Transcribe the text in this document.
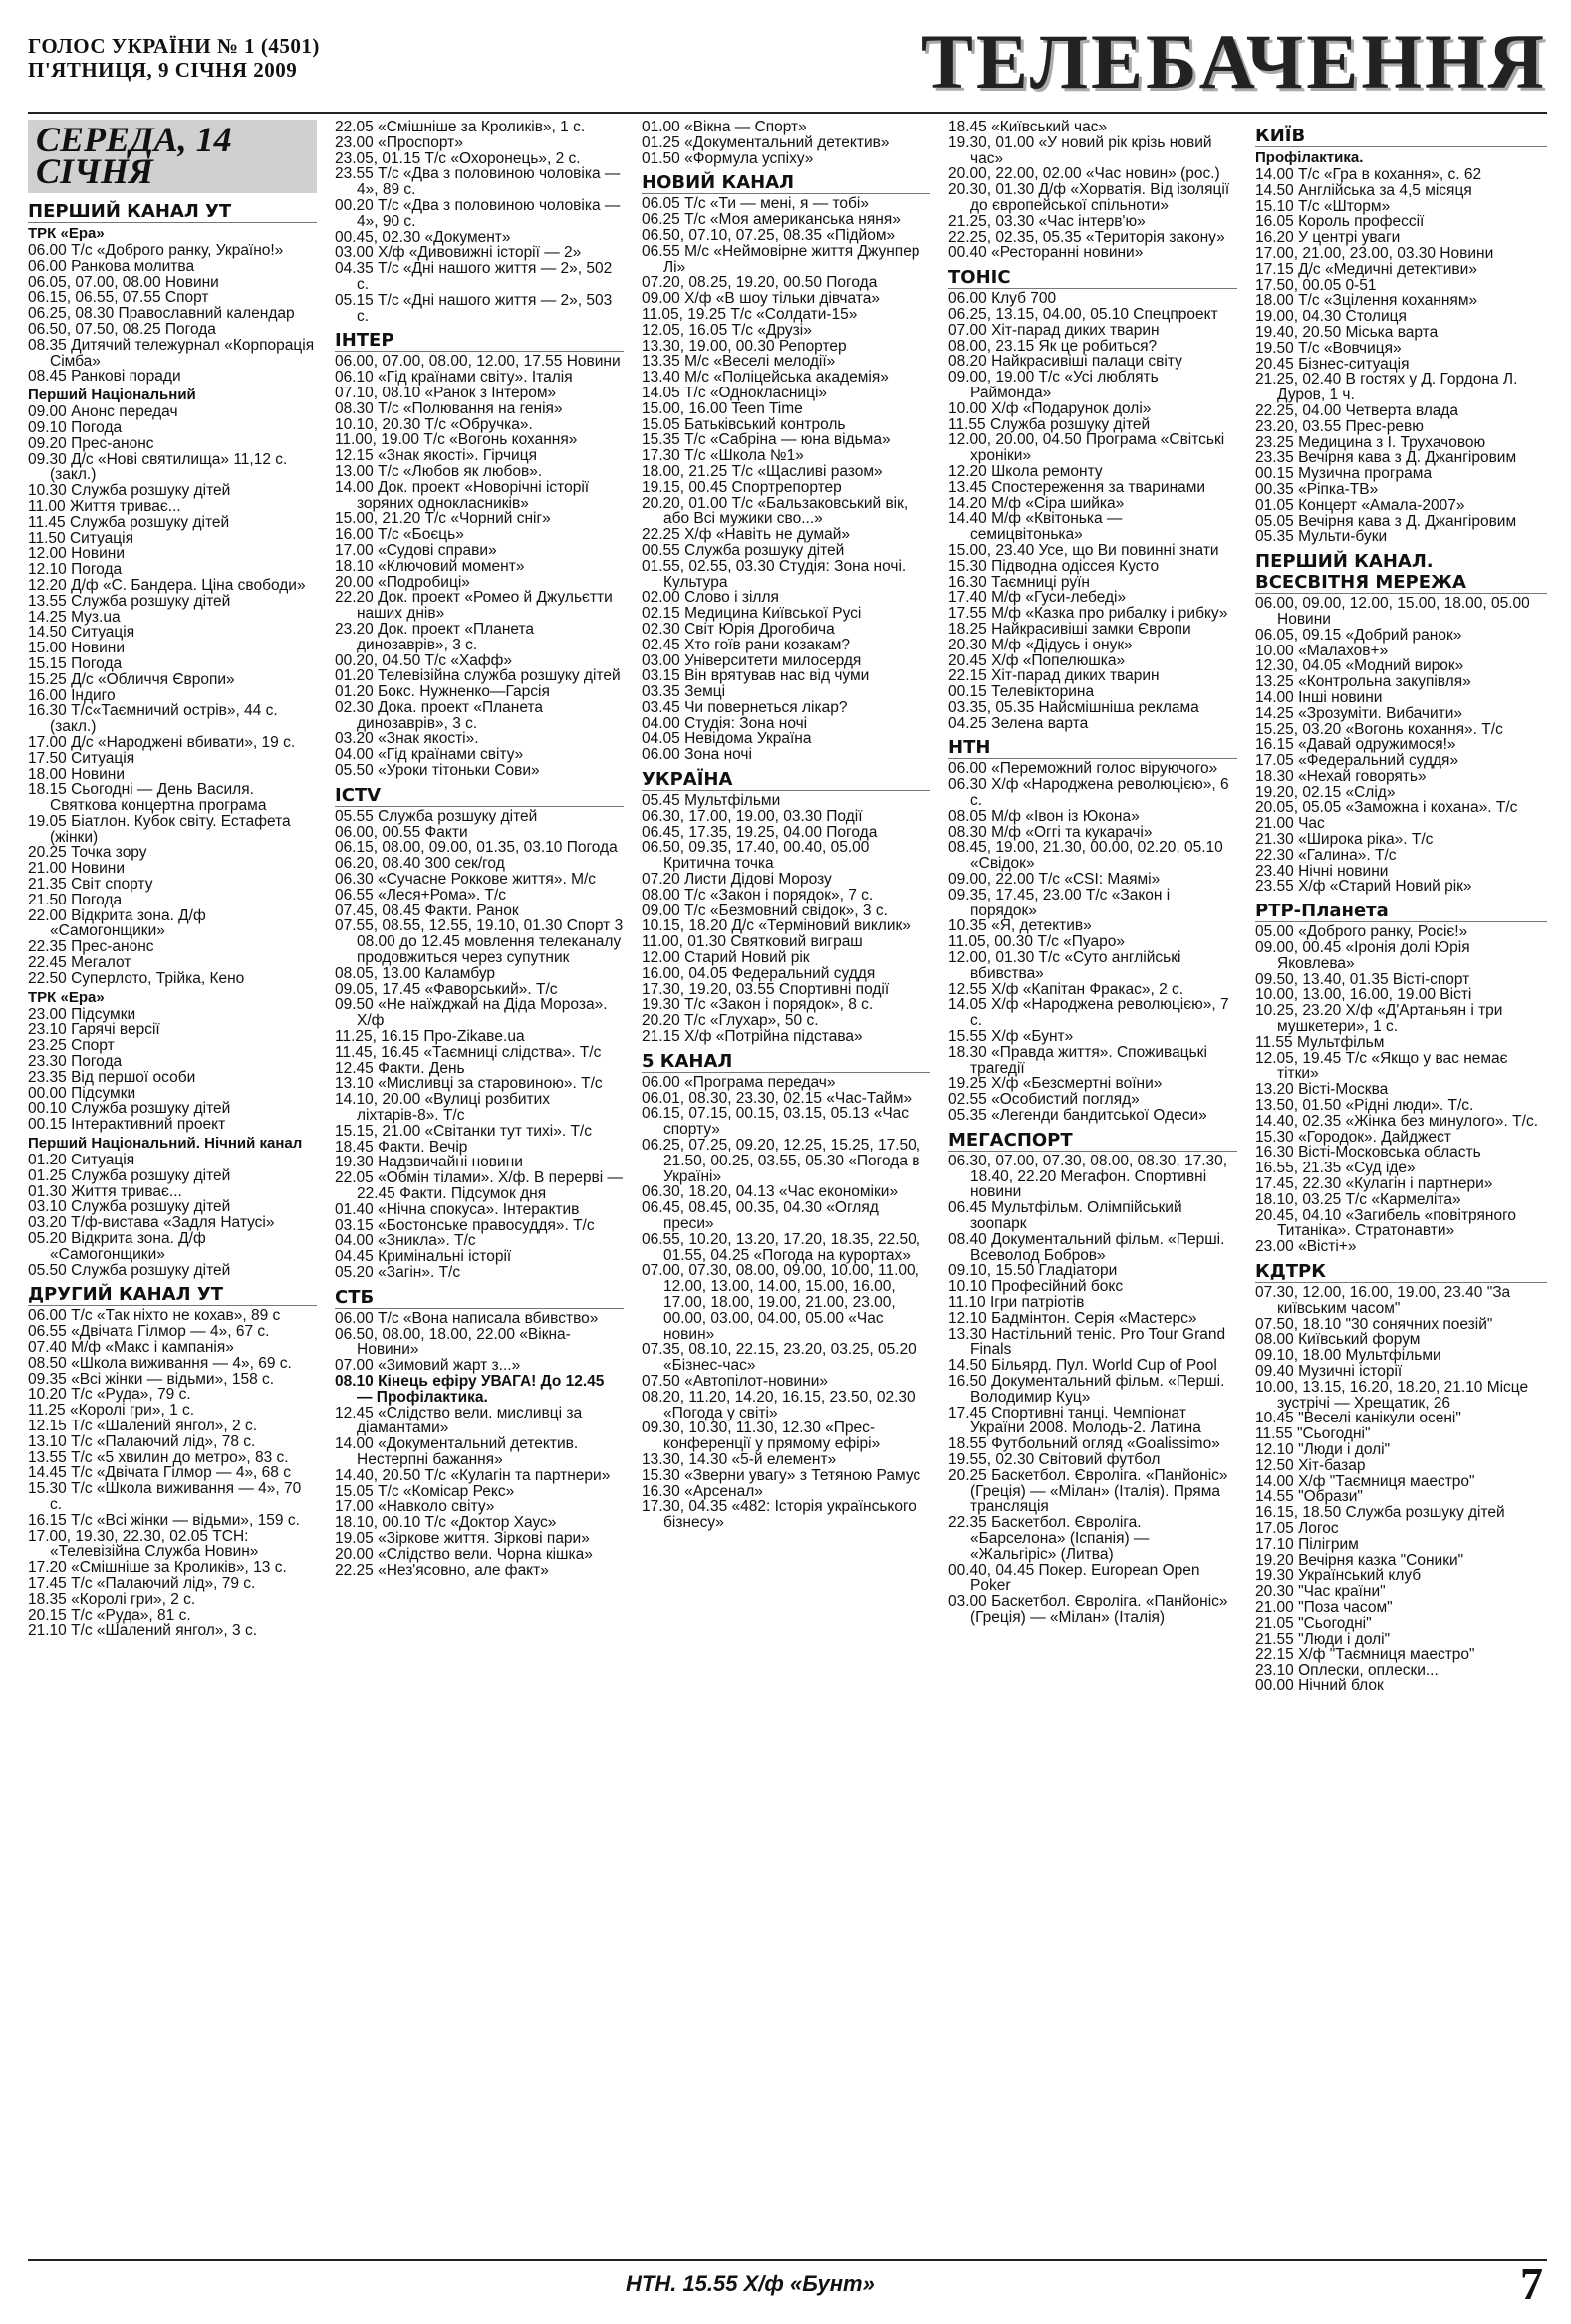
ГОЛОС УКРАЇНИ № 1 (4501)
П'ЯТНИЦЯ, 9 СІЧНЯ 2009	ТЕЛЕБАЧЕННЯ
СЕРЕДА, 14 СІЧНЯ
ПЕРШИЙ КАНАЛ УТ
ТРК «Ера»
06.00 Т/с «Доброго ранку, Україно!»
06.00 Ранкова молитва
06.05, 07.00, 08.00 Новини
06.15, 06.55, 07.55 Спорт
06.25, 08.30 Православний календар
06.50, 07.50, 08.25 Погода
08.35 Дитячий тележурнал «Корпорація Сімба»
08.45 Ранкові поради
Перший Національний
09.00 Анонс передач
09.10 Погода
09.20 Прес-анонс
09.30 Д/с «Нові святилища» 11,12 с.(закл.)
10.30 Служба розшуку дітей
11.00 Життя триває...
11.45 Служба розшуку дітей
11.50 Ситуація
12.00 Новини
12.10 Погода
12.20 Д/ф «С. Бандера. Ціна свободи»
13.55 Служба розшуку дітей
14.25 Муз.ua
14.50 Ситуація
15.00 Новини
15.15 Погода
15.25 Д/с «Обличчя Європи»
16.00 Індиго
16.30 Т/с«Таємничий острів», 44 с. (закл.)
17.00 Д/с «Народжені вбивати», 19 с.
17.50 Ситуація
18.00 Новини
18.15 Сьогодні — День Василя. Святкова концертна програма
19.05 Біатлон. Кубок світу. Естафета (жінки)
20.25 Точка зору
21.00 Новини
21.35 Світ спорту
21.50 Погода
22.00 Відкрита зона. Д/ф «Самогонщики»
22.35 Прес-анонс
22.45 Мегалот
22.50 Суперлото, Трійка, Кено
ТРК «Ера»
23.00 Підсумки
23.10 Гарячі версії
23.25 Спорт
23.30 Погода
23.35 Від першої особи
00.00 Підсумки
00.10 Служба розшуку дітей
00.15 Інтерактивний проект
Перший Національний. Нічний канал
01.20 Ситуація
01.25 Служба розшуку дітей
01.30 Життя триває...
03.10 Служба розшуку дітей
03.20 Т/ф-вистава «Задля Натусі»
05.20 Відкрита зона. Д/ф «Самогонщики»
05.50 Служба розшуку дітей
ДРУГИЙ КАНАЛ УТ
06.00 Т/с «Так ніхто не кохав», 89 с
06.55 «Двічата Гілмор — 4», 67 с.
07.40 М/ф «Макс і кампанія»
08.50 «Школа виживання — 4», 69 с.
09.35 «Всі жінки — відьми», 158 с.
10.20 Т/с «Руда», 79 с.
11.25 «Королі гри», 1 с.
12.15 Т/с «Шалений янгол», 2 с.
13.10 Т/с «Палаючий лід», 78 с.
13.55 Т/с «5 хвилин до метро», 83 с.
14.45 Т/с «Двічата Гілмор — 4», 68 с
15.30 Т/с «Школа виживання — 4», 70 с.
16.15 Т/с «Всі жінки — відьми», 159 с.
17.00, 19.30, 22.30, 02.05 ТСН: «Телевізійна Служба Новин»
17.20 «Смішніше за Кроликів», 13 с.
17.45 Т/с «Палаючий лід», 79 с.
18.35 «Королі гри», 2 с.
20.15 Т/с «Руда», 81 с.
21.10 Т/с «Шалений янгол», 3 с.
22.05 «Смішніше за Кроликів», 1 с.
23.00 «Проспорт»
23.05, 01.15 Т/с «Охоронець», 2 с.
23.55 Т/с «Два з половиною чоловіка — 4», 89 с.
00.20 Т/с «Два з половиною чоловіка — 4», 90 с.
00.45, 02.30 «Документ»
03.00 Х/ф «Дивовижні історії — 2»
04.35 Т/с «Дні нашого життя — 2», 502 с.
05.15 Т/с «Дні нашого життя — 2», 503 с.
ІНТЕР
06.00, 07.00, 08.00, 12.00, 17.55 Новини
06.10 «Гід країнами світу». Італія
07.10, 08.10 «Ранок з Інтером»
08.30 Т/с «Полювання на генія»
10.10, 20.30 Т/с «Обручка».
11.00, 19.00 Т/с «Вогонь кохання»
12.15 «Знак якості». Гірчиця
13.00 Т/с «Любов як любов».
14.00 Док. проект «Новорічні історії зоряних однокласників»
15.00, 21.20 Т/с «Чорний сніг»
16.00 Т/с «Боєць»
17.00 «Судові справи»
18.10 «Ключовий момент»
20.00 «Подробиці»
22.20 Док. проект «Ромео й Джульєтти наших днів»
23.20 Док. проект «Планета динозаврів», 3 с.
00.20, 04.50 Т/с «Хафф»
01.20 Телевізійна служба розшуку дітей
01.20 Бокс. Нужненко—Гарсія
02.30 Дока. проект «Планета динозаврів», 3 с.
03.20 «Знак якості».
04.00 «Гід країнами світу»
05.50 «Уроки тітоньки Сови»
ICTV
05.55 Служба розшуку дітей
06.00, 00.55 Факти
06.15, 08.00, 09.00, 01.35, 03.10 Погода
06.20, 08.40 300 сек/год
06.30 «Сучасне Роккове життя». М/с
06.55 «Леся+Рома». Т/с
07.45, 08.45 Факти. Ранок
07.55, 08.55, 12.55, 19.10, 01.30 Спорт 3 08.00 до 12.45 мовлення телеканалу продовжиться через супутник
08.05, 13.00 Каламбур
09.05, 17.45 «Фаворський». Т/с
09.50 «Не наїжджай на Діда Мороза». Х/ф
11.25, 16.15 Про-Zikaвe.ua
11.45, 16.45 «Таємниці слідства». Т/с
12.45 Факти. День
13.10 «Мисливці за старовиною». Т/с
14.10, 20.00 «Вулиці розбитих ліхтарів-8». Т/с
15.15, 21.00 «Світанки тут тихі». Т/с
18.45 Факти. Вечір
19.30 Надзвичайні новини
22.05 «Обмін тілами». Х/ф. В перерві — 22.45 Факти. Підсумок дня
01.40 «Нічна спокуса». Інтерактив
03.15 «Бостонське правосуддя». Т/с
04.00 «Зникла». Т/с
04.45 Кримінальні історії
05.20 «Загін». Т/с
СТБ
06.00 Т/с «Вона написала вбивство»
06.50, 08.00, 18.00, 22.00 «Вікна-Новини»
07.00 «Зимовий жарт з...»
08.10 Кінець ефіру УВАГА! До 12.45 — Профілактика.
12.45 «Слідство вели. мисливці за діамантами»
14.00 «Документальний детектив. Нестерпні бажання»
14.40, 20.50 Т/с «Кулагін та партнери»
15.05 Т/с «Комісар Рекс»
17.00 «Навколо світу»
18.10, 00.10 Т/с «Доктор Хаус»
19.05 «Зіркове життя. Зіркові пари»
20.00 «Слідство вели. Чорна кішка»
22.25 «Нез'ясовно, але факт»
01.00 «Вікна — Спорт»
01.25 «Документальний детектив»
01.50 «Формула успіху»
НОВИЙ КАНАЛ
06.05 Т/с «Ти — мені, я — тобі»
06.25 Т/с «Моя американська няня»
06.50, 07.10, 07.25, 08.35 «Підйом»
06.55 М/с «Неймовірне життя Джунпер Лі»
07.20, 08.25, 19.20, 00.50 Погода
09.00 Х/ф «В шоу тільки дівчата»
11.05, 19.25 Т/с «Солдати-15»
12.05, 16.05 Т/с «Друзі»
13.30, 19.00, 00.30 Репортер
13.35 М/с «Веселі мелодії»
13.40 М/с «Поліцейська академія»
14.05 Т/с «Однокласниці»
15.00, 16.00 Teen Time
15.05 Батьківський контроль
15.35 Т/с «Сабріна — юна відьма»
17.30 Т/с «Школа №1»
18.00, 21.25 Т/с «Щасливі разом»
19.15, 00.45 Спортрепортер
20.20, 01.00 Т/с «Бальзаковський вік, або Всі мужики сво...»
22.25 Х/ф «Навіть не думай»
00.55 Служба розшуку дітей
01.55, 02.55, 03.30 Студія: Зона ночі. Культура
02.00 Слово і зілля
02.15 Медицина Київської Русі
02.30 Світ Юрія Дрогобича
02.45 Хто гоїв рани козакам?
03.00 Університети милосердя
03.15 Він врятував нас від чуми
03.35 Земці
03.45 Чи повернеться лікар?
04.00 Студія: Зона ночі
04.05 Невідома Україна
06.00 Зона ночі
УКРАЇНА
05.45 Мультфільми
06.30, 17.00, 19.00, 03.30 Події
06.45, 17.35, 19.25, 04.00 Погода
06.50, 09.35, 17.40, 00.40, 05.00 Критична точка
07.20 Листи Дідові Морозу
08.00 Т/с «Закон і порядок», 7 с.
09.00 Т/с «Безмовний свідок», 3 с.
10.15, 18.20 Д/с «Терміновий виклик»
11.00, 01.30 Святковий виграш
12.00 Старий Новий рік
16.00, 04.05 Федеральний суддя
17.30, 19.20, 03.55 Спортивні події
19.30 Т/с «Закон і порядок», 8 с.
20.20 Т/с «Глухар», 50 с.
21.15 Х/ф «Потрійна підстава»
5 КАНАЛ
06.00 «Програма передач»
06.01, 08.30, 23.30, 02.15 «Час-Тайм»
06.15, 07.15, 00.15, 03.15, 05.13 «Час спорту»
06.25, 07.25, 09.20, 12.25, 15.25, 17.50, 21.50, 00.25, 03.55, 05.30 «Погода в Україні»
06.30, 18.20, 04.13 «Час економіки»
06.45, 08.45, 00.35, 04.30 «Огляд преси»
06.55, 10.20, 13.20, 17.20, 18.35, 22.50, 01.55, 04.25 «Погода на курортах»
07.00, 07.30, 08.00, 09.00, 10.00, 11.00, 12.00, 13.00, 14.00, 15.00, 16.00, 17.00, 18.00, 19.00, 21.00, 23.00, 00.00, 03.00, 04.00, 05.00 «Час новин»
07.35, 08.10, 22.15, 23.20, 03.25, 05.20 «Бізнес-час»
07.50 «Автопілот-новини»
08.20, 11.20, 14.20, 16.15, 23.50, 02.30 «Погода у світі»
09.30, 10.30, 11.30, 12.30 «Прес-конференції у прямому ефірі»
13.30, 14.30 «5-й елемент»
15.30 «Зверни увагу» з Тетяною Рамус
16.30 «Арсенал»
17.30, 04.35 «482: Історія українського бізнесу»
18.45 «Київський час»
19.30, 01.00 «У новий рік крізь новий час»
20.00, 22.00, 02.00 «Час новин» (рос.)
20.30, 01.30 Д/ф «Хорватія. Від ізоляції до європейської спільноти»
21.25, 03.30 «Час інтерв'ю»
22.25, 02.35, 05.35 «Територія закону»
00.40 «Ресторанні новини»
ТОНІС
06.00 Клуб 700
06.25, 13.15, 04.00, 05.10 Спецпроект
07.00 Хіт-парад диких тварин
08.00, 23.15 Як це робиться?
08.20 Найкрасивіші палаци світу
09.00, 19.00 Т/с «Усі люблять Раймонда»
10.00 Х/ф «Подарунок долі»
11.55 Служба розшуку дітей
12.00, 20.00, 04.50 Програма «Світські хроніки»
12.20 Школа ремонту
13.45 Спостереження за тваринами
14.20 М/ф «Сіра шийка»
14.40 М/ф «Квітонька — семицвітонька»
15.00, 23.40 Усе, що Ви повинні знати
15.30 Підводна одіссея Кусто
16.30 Таємниці руїн
17.40 М/ф «Гуси-лебеді»
17.55 М/ф «Казка про рибалку і рибку»
18.25 Найкрасивіші замки Європи
20.30 М/ф «Дідусь і онук»
20.45 Х/ф «Попелюшка»
22.15 Хіт-парад диких тварин
00.15 Телевікторина
03.35, 05.35 Найсмішніша реклама
04.25 Зелена варта
НТН
06.00 «Переможний голос віруючого»
06.30 Х/ф «Народжена революцією», 6 с.
08.05 М/ф «Івон із Юкона»
08.30 М/ф «Оггі та кукарачі»
08.45, 19.00, 21.30, 00.00, 02.20, 05.10 «Свідок»
09.00, 22.00 Т/с «CSI: Маямі»
09.35, 17.45, 23.00 Т/с «Закон і порядок»
10.35 «Я, детектив»
11.05, 00.30 Т/с «Пуаро»
12.00, 01.30 Т/с «Суто англійські вбивства»
12.55 Х/ф «Капітан Фракас», 2 с.
14.05 Х/ф «Народжена революцією», 7 с.
15.55 Х/ф «Бунт»
18.30 «Правда життя». Споживацькі трагедії
19.25 Х/ф «Безсмертні воїни»
02.55 «Особистий погляд»
05.35 «Легенди бандитської Одеси»
МЕГАСПОРТ
06.30, 07.00, 07.30, 08.00, 08.30, 17.30, 18.40, 22.20 Мегафон. Спортивні новини
06.45 Мультфільм. Олімпійський зоопарк
08.40 Документальний фільм. «Перші. Всеволод Бобров»
09.10, 15.50 Гладіатори
10.10 Професійний бокс
11.10 Ігри патріотів
12.10 Бадмінтон. Серія «Мастерс»
13.30 Настільний теніс. Pro Tour Grand Finals
14.50 Більярд. Пул. World Cup of Pool
16.50 Документальний фільм. «Перші. Володимир Куц»
17.45 Спортивні танці. Чемпіонат України 2008. Молодь-2. Латина
18.55 Футбольний огляд «Goalissimo»
19.55, 02.30 Світовий футбол
20.25 Баскетбол. Євроліга. «Панйоніс» (Греція) — «Мілан» (Італія). Пряма трансляція
22.35 Баскетбол. Євроліга. «Барселона» (Іспанія) — «Жальгіріс» (Литва)
00.40, 04.45 Покер. European Open Poker
03.00 Баскетбол. Євроліга. «Панйоніс» (Греція) — «Мілан» (Італія)
КИЇВ
Профілактика.
14.00 Т/с «Гра в кохання», с. 62
14.50 Англійська за 4,5 місяця
15.10 Т/с «Шторм»
16.05 Король профессії
16.20 У центрі уваги
17.00, 21.00, 23.00, 03.30 Новини
17.15 Д/с «Медичні детективи»
17.50, 00.05 0-51
18.00 Т/с «Зцілення коханням»
19.00, 04.30 Столиця
19.40, 20.50 Міська варта
19.50 Т/с «Вовчиця»
20.45 Бізнес-ситуація
21.25, 02.40 В гостях у Д. Гордона Л. Дуров, 1 ч.
22.25, 04.00 Четверта влада
23.20, 03.55 Прес-ревю
23.25 Медицина з І. Трухачовою
23.35 Вечірня кава з Д. Джангіровим
00.15 Музична програма
00.35 «Ріпка-ТВ»
01.05 Концерт «Амала-2007»
05.05 Вечірня кава з Д. Джангіровим
05.35 Мульти-буки
ПЕРШИЙ КАНАЛ. ВСЕСВІТНЯ МЕРЕЖА
06.00, 09.00, 12.00, 15.00, 18.00, 05.00 Новини
06.05, 09.15 «Добрий ранок»
10.00 «Малахов+»
12.30, 04.05 «Модний вирок»
13.25 «Контрольна закупівля»
14.00 Інші новини
14.25 «Зрозуміти. Вибачити»
15.25, 03.20 «Вогонь кохання». Т/с
16.15 «Давай одружимося!»
17.05 «Федеральний суддя»
18.30 «Нехай говорять»
19.20, 02.15 «Слід»
20.05, 05.05 «Заможна і кохана». Т/с
21.00 Час
21.30 «Широка ріка». Т/с
22.30 «Галина». Т/с
23.40 Нічні новини
23.55 Х/ф «Старий Новий рік»
РТР-Планета
05.00 «Доброго ранку, Росіє!»
09.00, 00.45 «Іронія долі Юрія Яковлева»
09.50, 13.40, 01.35 Вісті-спорт
10.00, 13.00, 16.00, 19.00 Вісті
10.25, 23.20 Х/ф «Д'Артаньян і три мушкетери», 1 с.
11.55 Мультфільм
12.05, 19.45 Т/с «Якщо у вас немає тітки»
13.20 Вісті-Москва
13.50, 01.50 «Рідні люди». Т/с.
14.40, 02.35 «Жінка без минулого». Т/с.
15.30 «Городок». Дайджест
16.30 Вісті-Московська область
16.55, 21.35 «Суд іде»
17.45, 22.30 «Кулагін і партнери»
18.10, 03.25 Т/с «Кармеліта»
20.45, 04.10 «Загибель «повітряного Титаніка». Стратонавти»
23.00 «Вісті+»
КДТРК
07.30, 12.00, 16.00, 19.00, 23.40 "За київським часом"
07.50, 18.10 "30 сонячних поезій"
08.00 Київський форум
09.10, 18.00 Мультфільми
09.40 Музичні історії
10.00, 13.15, 16.20, 18.20, 21.10 Місце зустрічі — Хрещатик, 26
10.45 "Веселі канікули осені"
11.55 "Сьогодні"
12.10 "Люди і долі"
12.50 Хіт-базар
14.00 Х/ф "Таємниця маестро"
14.55 "Образи"
16.15, 18.50 Служба розшуку дітей
17.05 Логос
17.10 Пілігрим
19.20 Вечірня казка "Соники"
19.30 Український клуб
20.30 "Час країни"
21.00 "Поза часом"
21.05 "Сьогодні"
21.55 "Люди і долі"
22.15 Х/ф "Таємниця маестро"
23.10 Оплески, оплески...
00.00 Нічний блок
НТН. 15.55 Х/ф «Бунт»	7
